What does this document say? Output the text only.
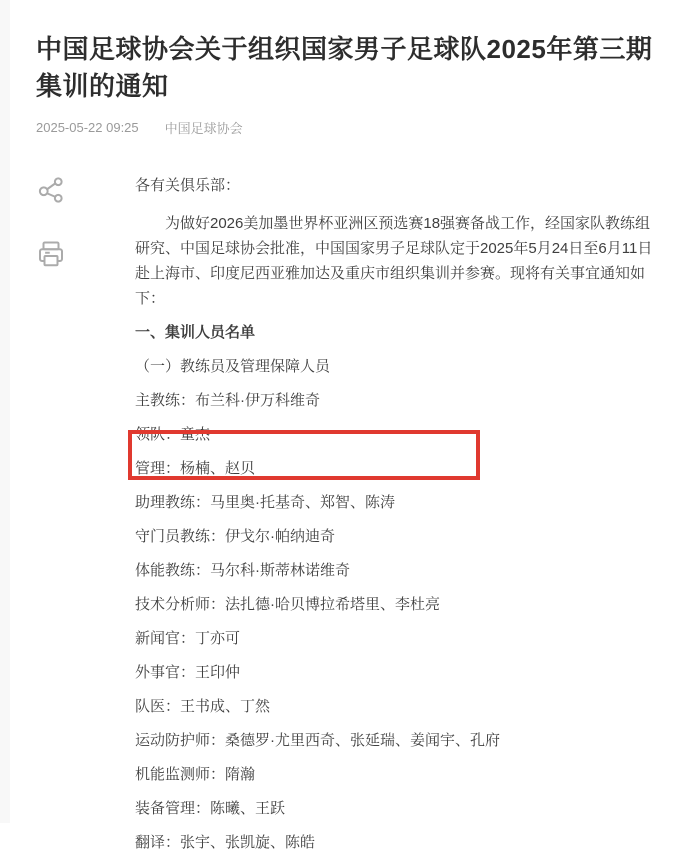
中国足球协会关于组织国家男子足球队2025年第三期集训的通知
2025-05-22 09:25 中国足球协会

各有关俱乐部：

为做好2026美加墨世界杯亚洲区预选赛18强赛备战工作，经国家队教练组研究、中国足球协会批准，中国国家男子足球队定于2025年5月24日至6月11日赴上海市、印度尼西亚雅加达及重庆市组织集训并参赛。现将有关事宜通知如下：

一、集训人员名单

（一）教练员及管理保障人员

主教练：布兰科·伊万科维奇

领队：童杰

管理：杨楠、赵贝

助理教练：马里奥·托基奇、郑智、陈涛

守门员教练：伊戈尔·帕纳迪奇

体能教练：马尔科·斯蒂林诺维奇

技术分析师：法扎德·哈贝博拉希塔里、李杜亮

新闻官：丁亦可

外事官：王印仲

队医：王书成、丁然

运动防护师：桑德罗·尤里西奇、张延瑞、姜闻宇、孔府

机能监测师：隋瀚

装备管理：陈曦、王跃

翻译：张宇、张凯旋、陈皓
